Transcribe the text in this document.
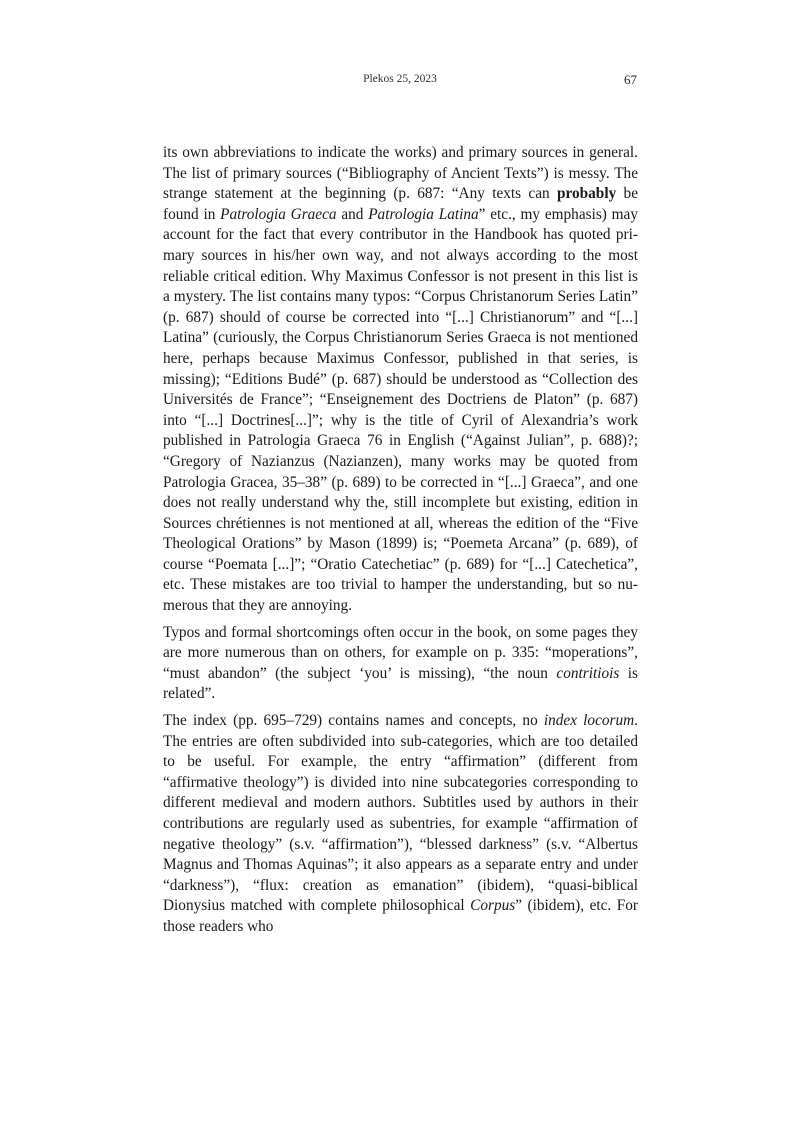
Plekos 25, 2023	67

its own abbreviations to indicate the works) and primary sources in general. The list of primary sources (“Bibliography of Ancient Texts”) is messy. The strange statement at the beginning (p. 687: “Any texts can probably be found in Patrologia Graeca and Patrologia Latina” etc., my emphasis) may account for the fact that every contributor in the Handbook has quoted primary sources in his/her own way, and not always according to the most reliable critical edition. Why Maximus Confessor is not present in this list is a mystery. The list contains many typos: “Corpus Christanorum Series Latin” (p. 687) should of course be corrected into “[...] Christianorum” and “[...] Latina” (curiously, the Corpus Christianorum Series Graeca is not mentioned here, perhaps because Maximus Confessor, published in that series, is missing); “Editions Budé” (p. 687) should be understood as “Collection des Universités de France”; “Enseignement des Doctriens de Platon” (p. 687) into “[...] Doctrines[...]”; why is the title of Cyril of Alexandria’s work published in Patrologia Graeca 76 in English (“Against Julian”, p. 688)?; “Gregory of Nazianzus (Nazianzen), many works may be quoted from Patrologia Gracea, 35–38” (p. 689) to be corrected in “[...] Graeca”, and one does not really understand why the, still incomplete but existing, edition in Sources chrétiennes is not mentioned at all, whereas the edition of the “Five Theological Orations” by Mason (1899) is; “Poemeta Arcana” (p. 689), of course “Poemata [...]”; “Oratio Catechetiac” (p. 689) for “[...] Catechetica”, etc. These mistakes are too trivial to hamper the understanding, but so numerous that they are annoying.

Typos and formal shortcomings often occur in the book, on some pages they are more numerous than on others, for example on p. 335: “moperations”, “must abandon” (the subject ‘you’ is missing), “the noun contritiois is related”.

The index (pp. 695–729) contains names and concepts, no index locorum. The entries are often subdivided into sub-categories, which are too detailed to be useful. For example, the entry “affirmation” (different from “affirmative theology”) is divided into nine subcategories corresponding to different medieval and modern authors. Subtitles used by authors in their contributions are regularly used as subentries, for example “affirmation of negative theology” (s.v. “affirmation”), “blessed darkness” (s.v. “Albertus Magnus and Thomas Aquinas”; it also appears as a separate entry and under “darkness”), “flux: creation as emanation” (ibidem), “quasi-biblical Dionysius matched with complete philosophical Corpus” (ibidem), etc. For those readers who
